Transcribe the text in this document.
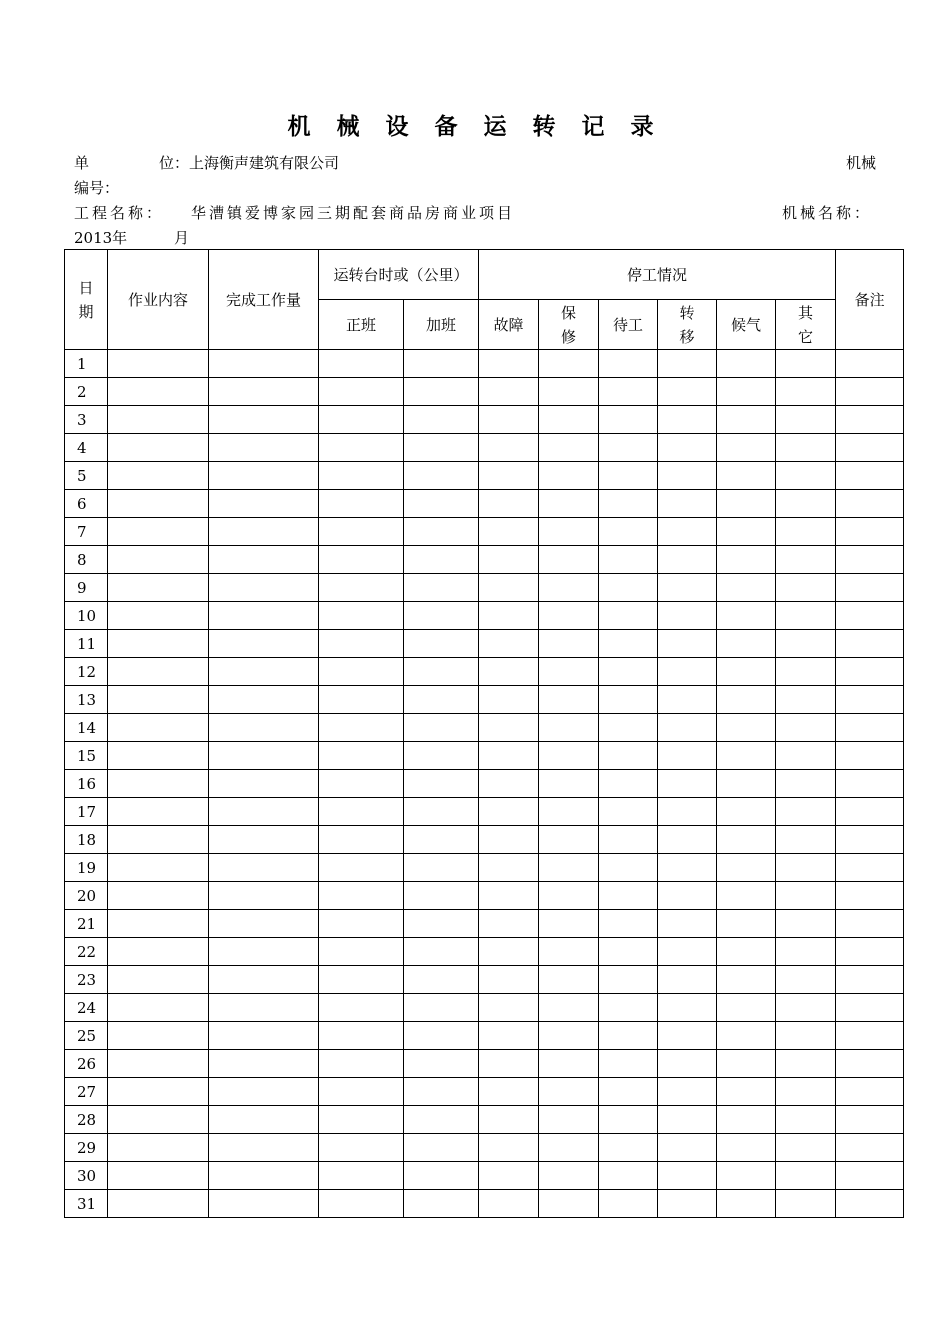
机 械 设 备 运 转 记 录
单	位：上海衡声建筑有限公司	机械
编号：
工程名称： 华漕镇爱博家园三期配套商品房商业项目	机械名称：
2013年	月
日期	作业内容	完成工作量	运转台时或（公里）		停工情况						备注
			正班	加班	故障	保修	待工	转移	候气	其它	
1											
2											
3											
4											
5											
6											
7											
8											
9											
10											
11											
12											
13											
14											
15											
16											
17											
18											
19											
20											
21											
22											
23											
24											
25											
26											
27											
28											
29											
30											
31											
